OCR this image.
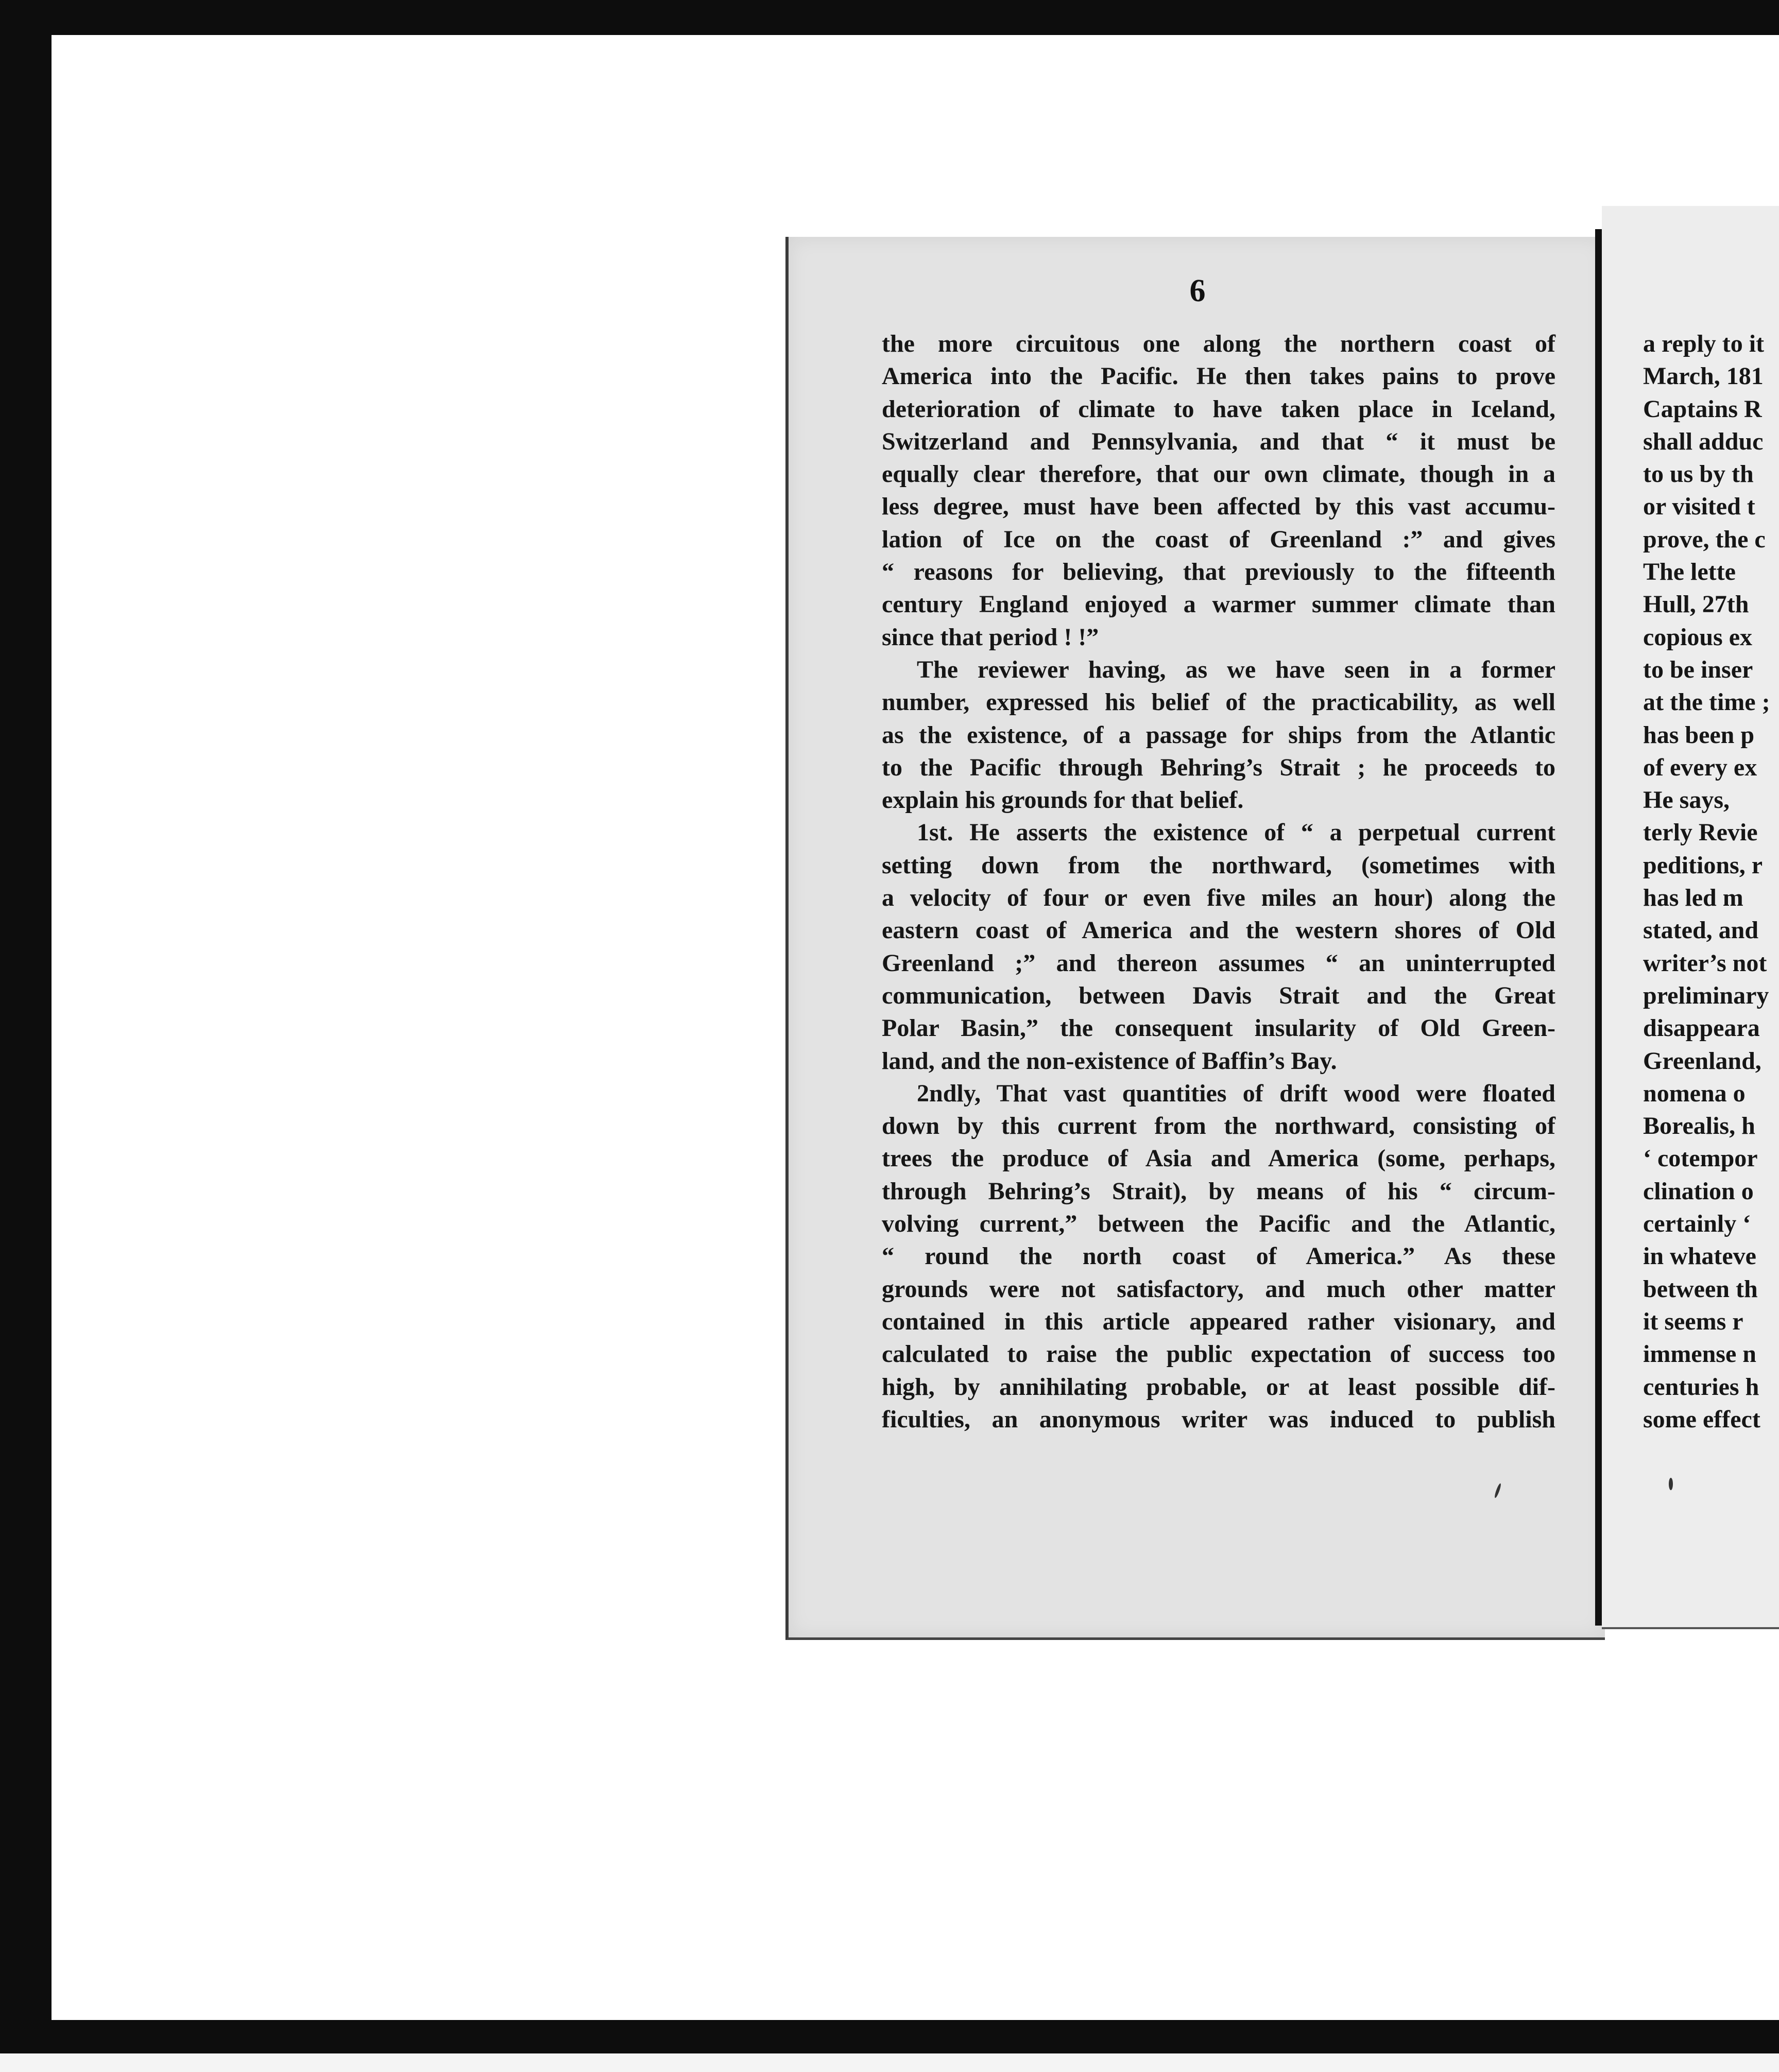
6
the more circuitous one along the northern coast of
America into the Pacific. He then takes pains to prove
deterioration of climate to have taken place in Iceland,
Switzerland and Pennsylvania, and that “ it must be
equally clear therefore, that our own climate, though in a
less degree, must have been affected by this vast accumu-
lation of Ice on the coast of Greenland :” and gives
“ reasons for believing, that previously to the fifteenth
century England enjoyed a warmer summer climate than
since that period ! !”
The reviewer having, as we have seen in a former
number, expressed his belief of the practicability, as well
as the existence, of a passage for ships from the Atlantic
to the Pacific through Behring’s Strait ; he proceeds to
explain his grounds for that belief.
1st. He asserts the existence of “ a perpetual current
setting down from the northward, (sometimes with
a velocity of four or even five miles an hour) along the
eastern coast of America and the western shores of Old
Greenland ;” and thereon assumes “ an uninterrupted
communication, between Davis Strait and the Great
Polar Basin,” the consequent insularity of Old Green-
land, and the non-existence of Baffin’s Bay.
2ndly, That vast quantities of drift wood were floated
down by this current from the northward, consisting of
trees the produce of Asia and America (some, perhaps,
through Behring’s Strait), by means of his “ circum-
volving current,” between the Pacific and the Atlantic,
“ round the north coast of America.” As these
grounds were not satisfactory, and much other matter
contained in this article appeared rather visionary, and
calculated to raise the public expectation of success too
high, by annihilating probable, or at least possible dif-
ficulties, an anonymous writer was induced to publish
a reply to it
March, 181
Captains R
shall adduc
to us by th
or visited t
prove, the c
The lette
Hull, 27th
copious ex
to be inser
at the time ;
has been p
of every ex
He says,
terly Revie
peditions, r
has led m
stated, and
writer’s not
preliminary
disappeara
Greenland,
nomena o
Borealis, h
‘ cotempor
clination o
certainly ‘
in whateve
between th
it seems r
immense n
centuries h
some effect
